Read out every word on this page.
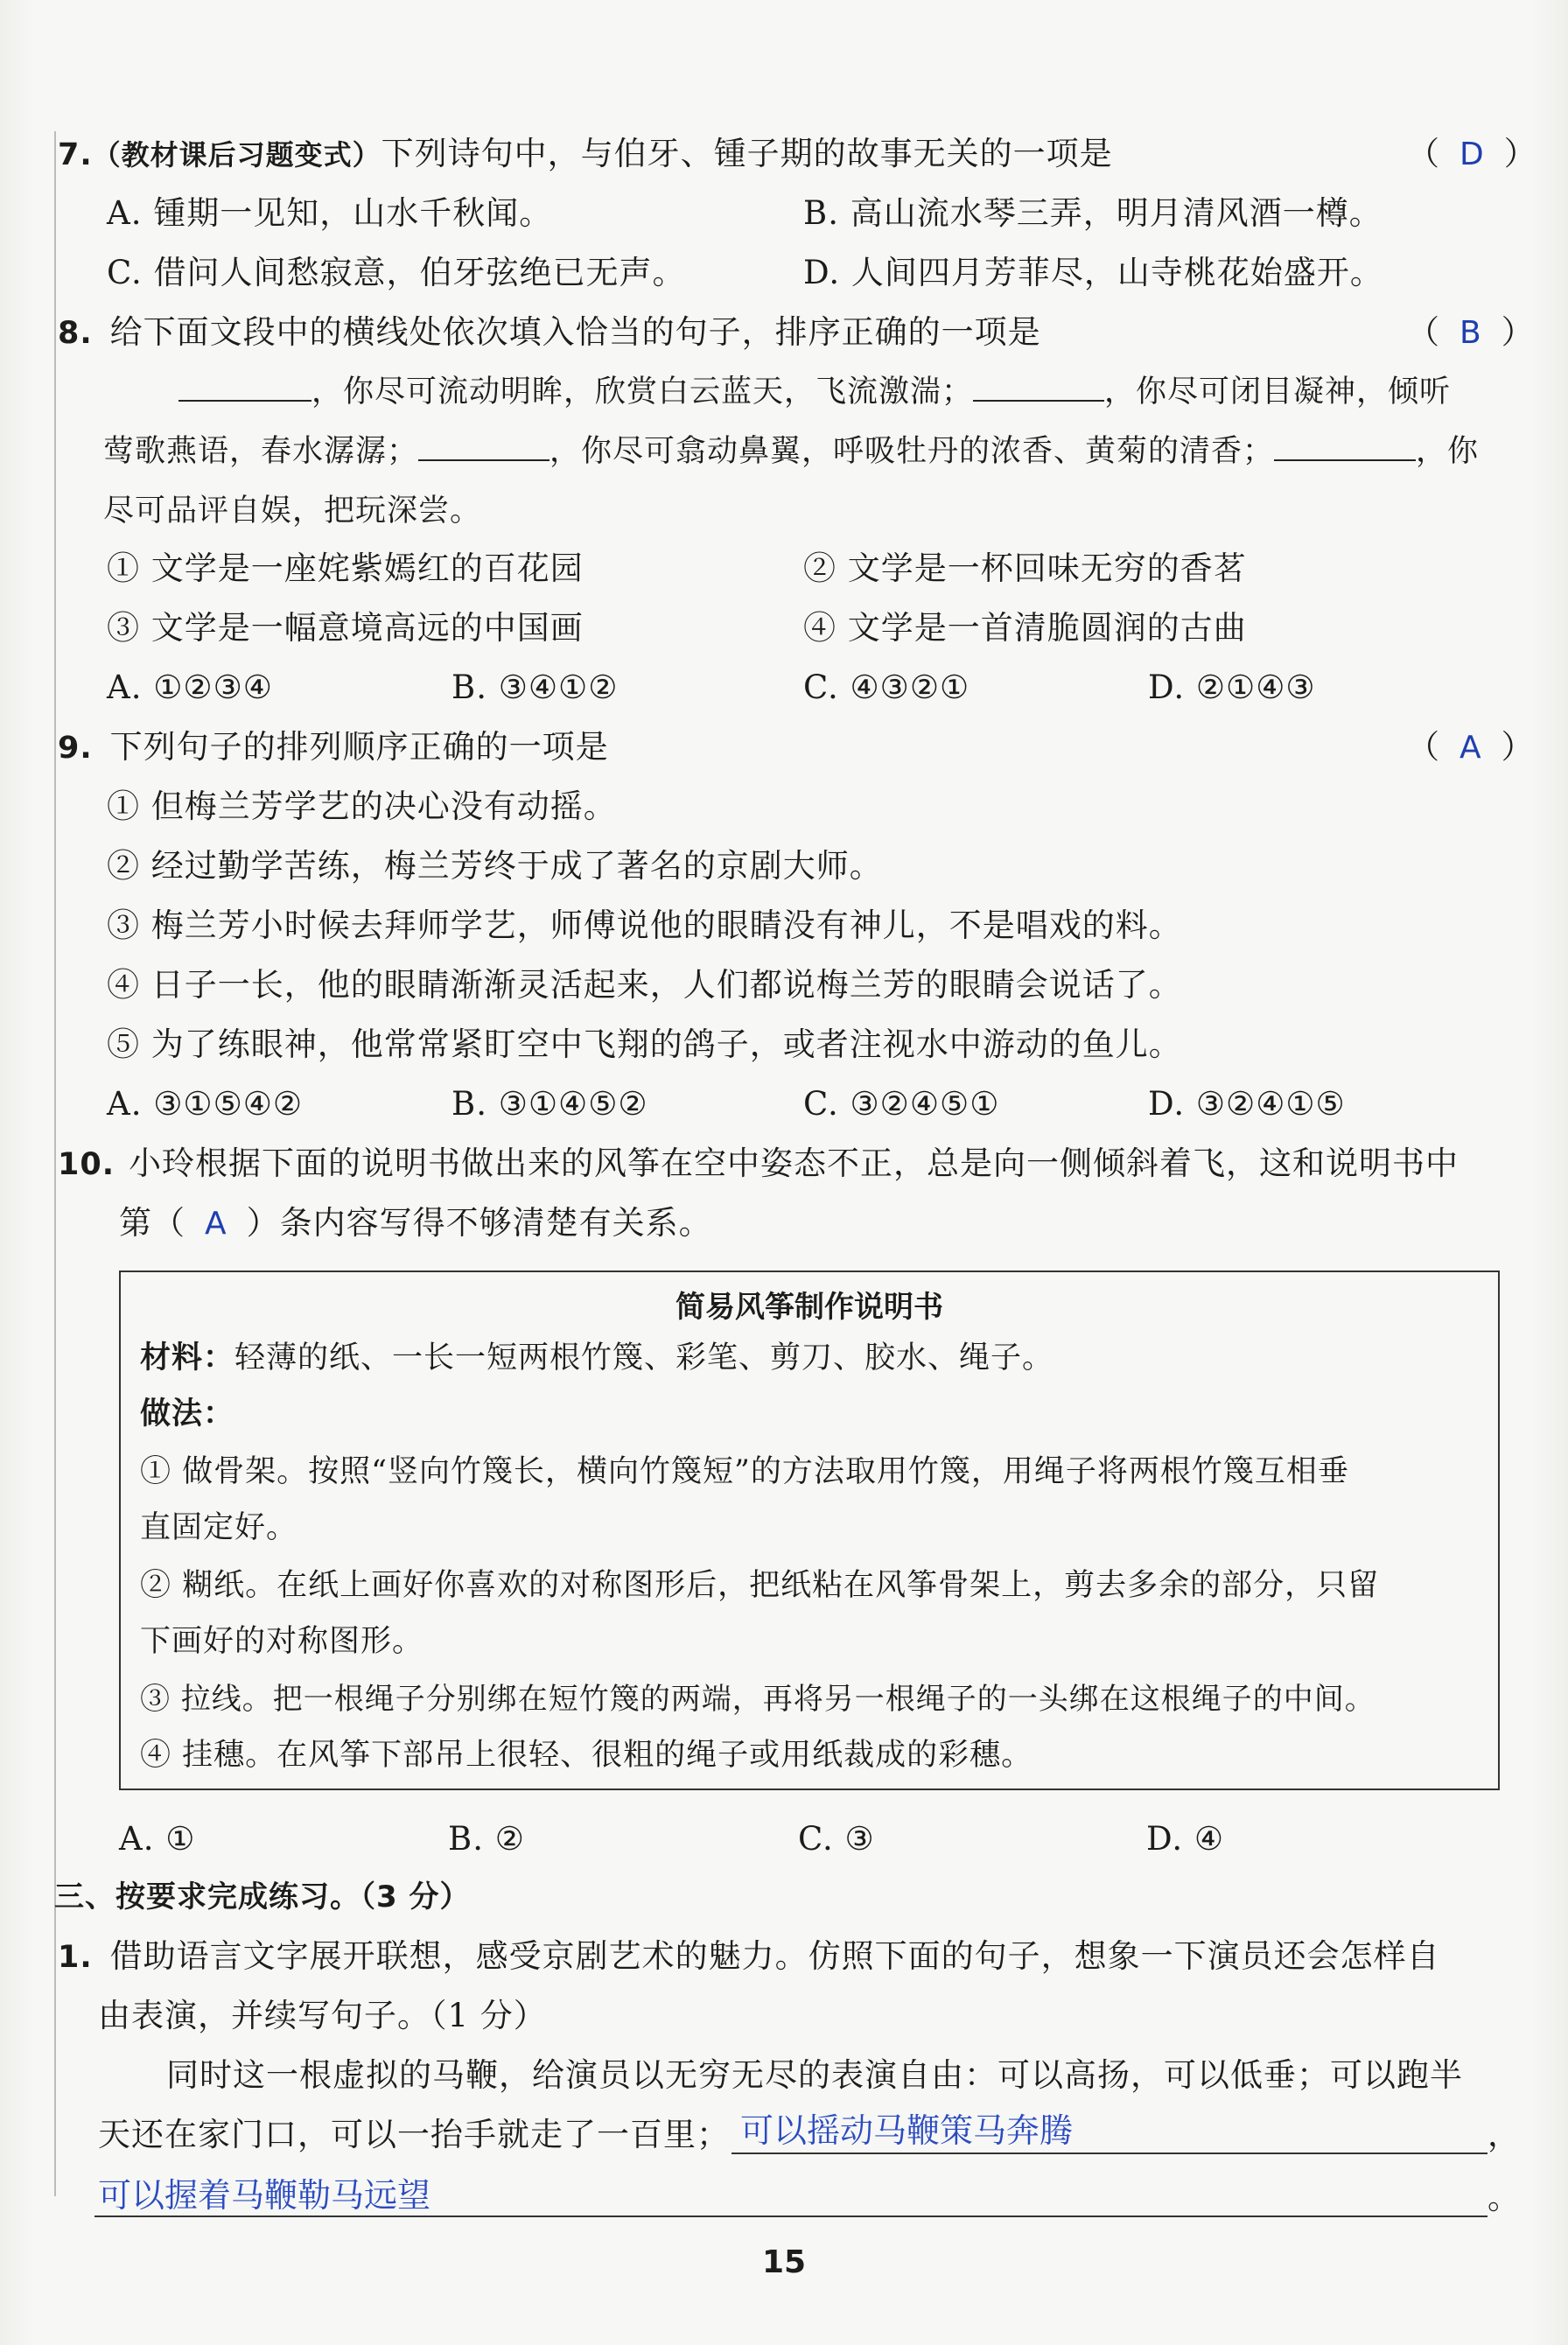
7.（教材课后习题变式）下列诗句中，与伯牙、锺子期的故事无关的一项是	（ D ）
A. 锺期一见知，山水千秋闻。	B. 高山流水琴三弄，明月清风酒一樽。
C. 借问人间愁寂意，伯牙弦绝已无声。	D. 人间四月芳菲尽，山寺桃花始盛开。
8. 给下面文段中的横线处依次填入恰当的句子，排序正确的一项是	（ B ）
，你尽可流动明眸，欣赏白云蓝天，飞流激湍；	，你尽可闭目凝神，倾听
莺歌燕语，春水潺潺；	，你尽可翕动鼻翼，呼吸牡丹的浓香、黄菊的清香；	，你
尽可品评自娱，把玩深尝。
① 文学是一座姹紫嫣红的百花园	② 文学是一杯回味无穷的香茗
③ 文学是一幅意境高远的中国画	④ 文学是一首清脆圆润的古曲
A. ①②③④	B. ③④①②	C. ④③②①	D. ②①④③
9. 下列句子的排列顺序正确的一项是	（ A ）
① 但梅兰芳学艺的决心没有动摇。
② 经过勤学苦练，梅兰芳终于成了著名的京剧大师。
③ 梅兰芳小时候去拜师学艺，师傅说他的眼睛没有神儿，不是唱戏的料。
④ 日子一长，他的眼睛渐渐灵活起来，人们都说梅兰芳的眼睛会说话了。
⑤ 为了练眼神，他常常紧盯空中飞翔的鸽子，或者注视水中游动的鱼儿。
A. ③①⑤④②	B. ③①④⑤②	C. ③②④⑤①	D. ③②④①⑤
10. 小玲根据下面的说明书做出来的风筝在空中姿态不正，总是向一侧倾斜着飞，这和说明书中
第（ A ）条内容写得不够清楚有关系。
简易风筝制作说明书
材料：轻薄的纸、一长一短两根竹篾、彩笔、剪刀、胶水、绳子。
做法：
① 做骨架。按照“竖向竹篾长，横向竹篾短”的方法取用竹篾，用绳子将两根竹篾互相垂
直固定好。
② 糊纸。在纸上画好你喜欢的对称图形后，把纸粘在风筝骨架上，剪去多余的部分，只留
下画好的对称图形。
③ 拉线。把一根绳子分别绑在短竹篾的两端，再将另一根绳子的一头绑在这根绳子的中间。
④ 挂穗。在风筝下部吊上很轻、很粗的绳子或用纸裁成的彩穗。
A. ①	B. ②	C. ③	D. ④
三、按要求完成练习。（3 分）
1. 借助语言文字展开联想，感受京剧艺术的魅力。仿照下面的句子，想象一下演员还会怎样自
由表演，并续写句子。（1 分）
同时这一根虚拟的马鞭，给演员以无穷无尽的表演自由：可以高扬，可以低垂；可以跑半
天还在家门口，可以一抬手就走了一百里； 可以摇动马鞭策马奔腾	，
可以握着马鞭勒马远望	。
15
